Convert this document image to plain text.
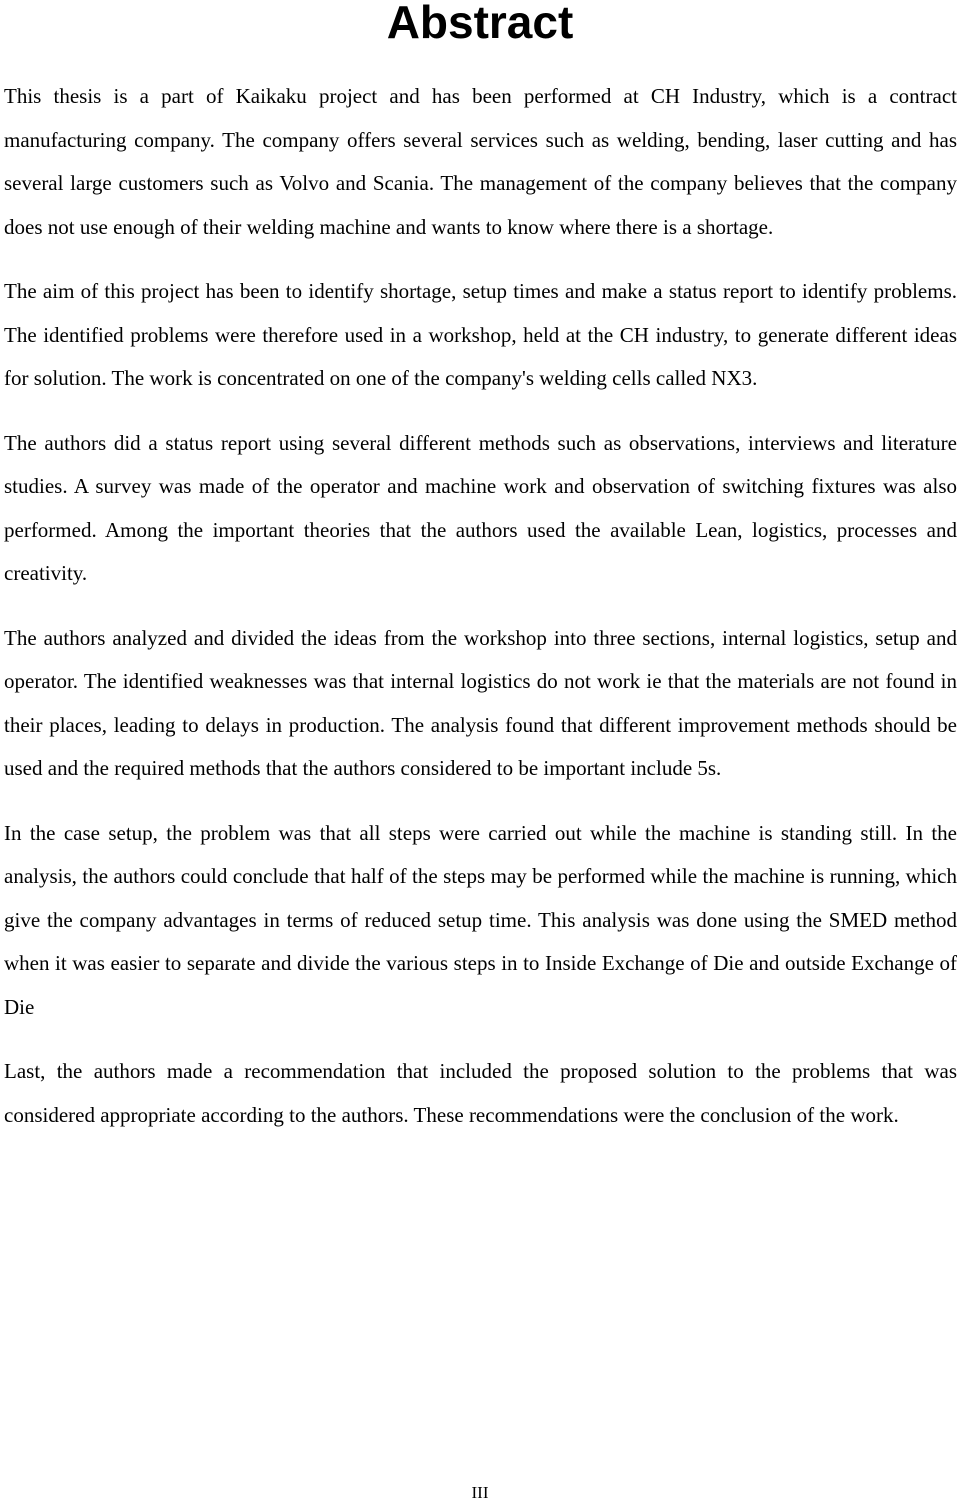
Abstract

This thesis is a part of Kaikaku project and has been performed at CH Industry, which is a contract manufacturing company. The company offers several services such as welding, bending, laser cutting and has several large customers such as Volvo and Scania. The management of the company believes that the company does not use enough of their welding machine and wants to know where there is a shortage.

The aim of this project has been to identify shortage, setup times and make a status report to identify problems. The identified problems were therefore used in a workshop, held at the CH industry, to generate different ideas for solution. The work is concentrated on one of the company's welding cells called NX3.

The authors did a status report using several different methods such as observations, interviews and literature studies. A survey was made of the operator and machine work and observation of switching fixtures was also performed. Among the important theories that the authors used the available Lean, logistics, processes and creativity.

The authors analyzed and divided the ideas from the workshop into three sections, internal logistics, setup and operator. The identified weaknesses was that internal logistics do not work ie that the materials are not found in their places, leading to delays in production. The analysis found that different improvement methods should be used and the required methods that the authors considered to be important include 5s.

In the case setup, the problem was that all steps were carried out while the machine is standing still. In the analysis, the authors could conclude that half of the steps may be performed while the machine is running, which give the company advantages in terms of reduced setup time. This analysis was done using the SMED method when it was easier to separate and divide the various steps in to Inside Exchange of Die and outside Exchange of Die

Last, the authors made a recommendation that included the proposed solution to the problems that was considered appropriate according to the authors. These recommendations were the conclusion of the work.

III
